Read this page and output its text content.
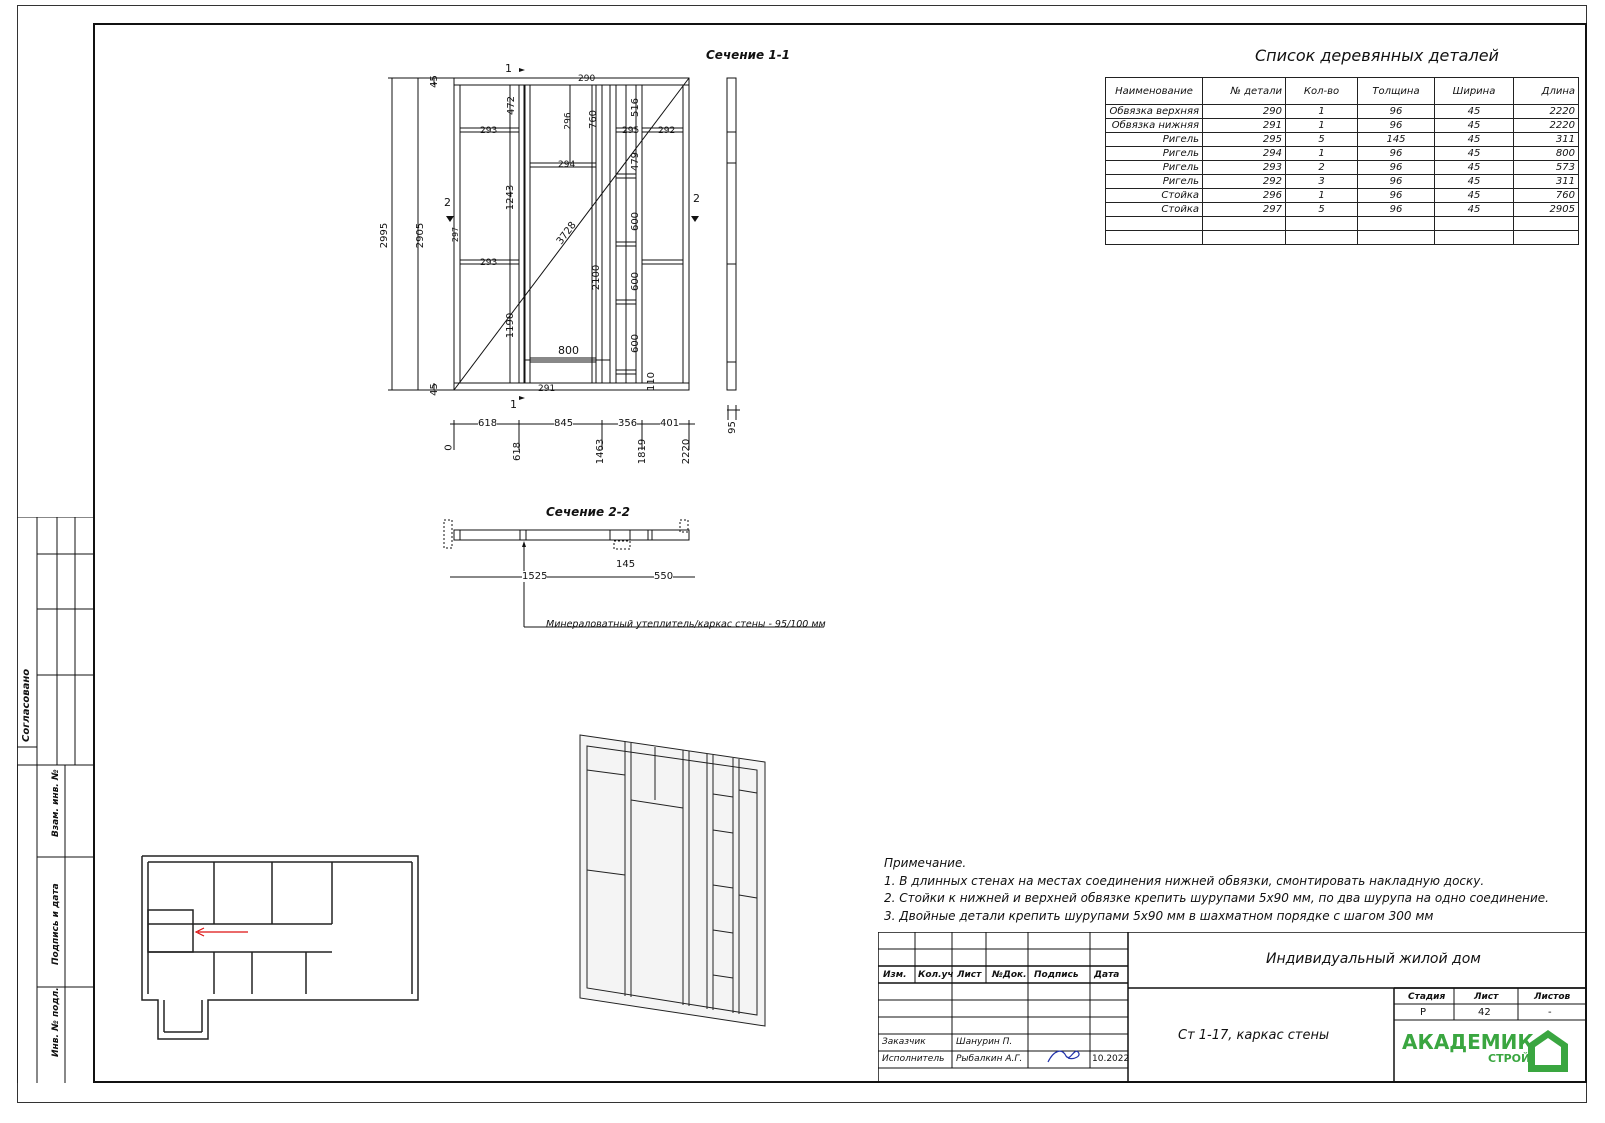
Согласовано
Взам. инв. №
Подпись и дата
Инв. № подл.
Сечение 1-1
2995	2905
45
45
3728
472
1243
1190
760
2100
516
479
600
600
600
110
800
1
1
2	2
618	845	356 401
0	618	1463	1819	2220
95
290
293
294
296
292
297
293
295
291
Сечение 2-2
1525
145
550
Минераловатный утеплитель/каркас стены - 95/100 мм
Список деревянных деталей
Наименование	№ детали	Кол-во	Толщина	Ширина	Длина
Обвязка верхняя	290	1	96	45	2220
Обвязка нижняя	291	1	96	45	2220
Ригель	295	5	145	45	311
Ригель	294	1	96	45	800
Ригель	293	2	96	45	573
Ригель	292	3	96	45	311
Стойка	296	1	96	45	760
Стойка	297	5	96	45	2905

Примечание.
1. В длинных стенах на местах соединения нижней обвязки, смонтировать накладную доску.
2. Стойки к нижней и верхней обвязке крепить шурупами 5х90 мм, по два шурупа на одно соединение.
3. Двойные детали крепить шурупами 5х90 мм в шахматном порядке с шагом 300 мм
Изм. Кол.уч Лист №Док. Подпись Дата
Заказчик	Шанурин П.
Исполнитель Рыбалкин А.Г.	10.2022
Индивидуальный жилой дом
Ст 1-17, каркас стены
Стадия	Лист	Листов
Р	42	-
АКАДЕМИК
СТРОЙ
